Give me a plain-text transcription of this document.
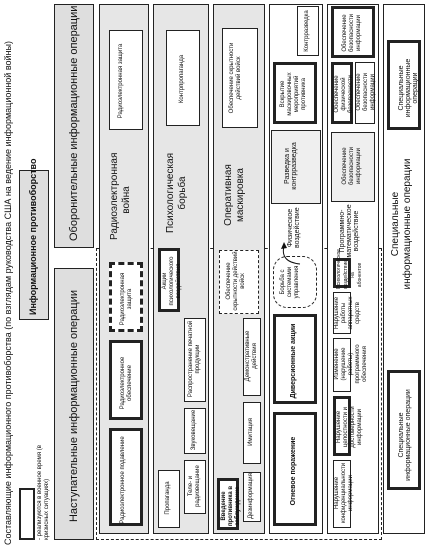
Составляющие информационного противоборства (по взглядам руководства США на ведение информационной войны)	- реализуются в военное время (в кризисных ситуациях)
Информационное противоборство
Наступательные информационные операции
Оборонительные информационные операции	Радиоэлектронная война
Радиоэлектронное подавление
Радиоэлектронное обеспечение
Радиоэлектронная защита
Радиоэлектронная защита
Психологическая борьба
Пропаганда	Теле- и радиовещание
Звуковещание
Распространение печатной продукции
Акции психологического воздействия
Контрпропаганда
Оперативная маскировка
Введение противника в заблуждение Дезинформация
Имитация
Демонстративные действия
Обеспечение скрытности действий войск
Обеспечение скрытности действий войск
Физическое воздействие
Огневое поражение
Диверсионные акции
Борьба с системами управления
Разведка и контрразведка
Контрразведка
Вскрытие маскировочных мероприятий противника
Программно-математическое воздействие
Нарушение конфиденциальности информации
Нарушение целостности и достоверности информации
Изменение (нарушение работы) программного обеспечения
Нарушение работы аппаратных средств
Психологическое воздействие на абонентов
Обеспечение безопасности информации
Обеспечение безопасности информации
Обеспечение физической безопасности Обеспечение безопасности информации
Специальные информационные операции
Специальные информационные операции
Специальные информационные операции
